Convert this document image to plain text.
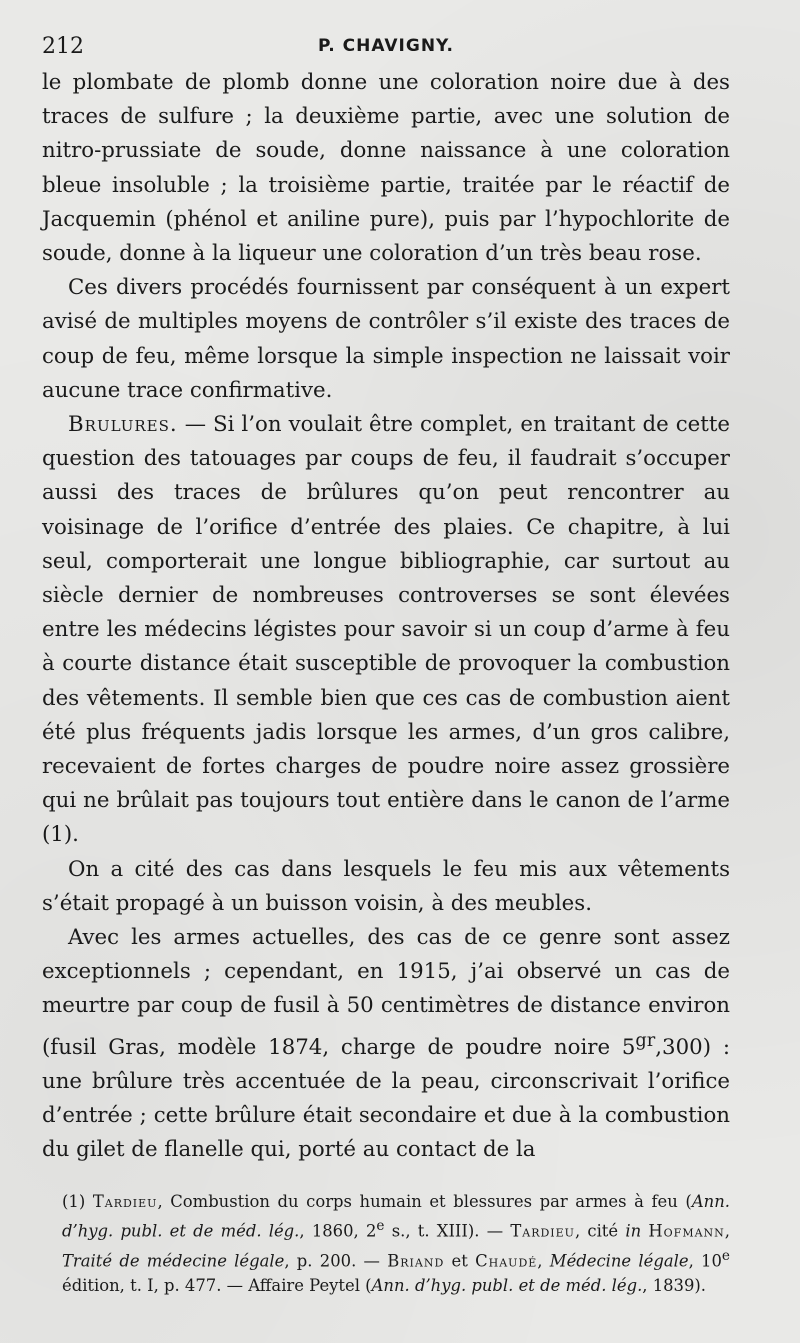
212	P. CHAVIGNY.

le plombate de plomb donne une coloration noire due à des traces de sulfure ; la deuxième partie, avec une solution de nitro-prussiate de soude, donne naissance à une coloration bleue insoluble ; la troisième partie, traitée par le réactif de Jacquemin (phénol et aniline pure), puis par l’hypochlorite de soude, donne à la liqueur une coloration d’un très beau rose.

Ces divers procédés fournissent par conséquent à un expert avisé de multiples moyens de contrôler s’il existe des traces de coup de feu, même lorsque la simple inspection ne laissait voir aucune trace confirmative.

Brulures. — Si l’on voulait être complet, en traitant de cette question des tatouages par coups de feu, il faudrait s’occuper aussi des traces de brûlures qu’on peut rencontrer au voisinage de l’orifice d’entrée des plaies. Ce chapitre, à lui seul, comporterait une longue bibliographie, car surtout au siècle dernier de nombreuses controverses se sont élevées entre les médecins légistes pour savoir si un coup d’arme à feu à courte distance était susceptible de provoquer la combustion des vêtements. Il semble bien que ces cas de combustion aient été plus fréquents jadis lorsque les armes, d’un gros calibre, recevaient de fortes charges de poudre noire assez grossière qui ne brûlait pas toujours tout entière dans le canon de l’arme (1).

On a cité des cas dans lesquels le feu mis aux vêtements s’était propagé à un buisson voisin, à des meubles.

Avec les armes actuelles, des cas de ce genre sont assez exceptionnels ; cependant, en 1915, j’ai observé un cas de meurtre par coup de fusil à 50 centimètres de distance environ (fusil Gras, modèle 1874, charge de poudre noire $5^{gr},300$) : une brûlure très accentuée de la peau, circonscrivait l’orifice d’entrée ; cette brûlure était secondaire et due à la combustion du gilet de flanelle qui, porté au contact de la

(1) Tardieu, Combustion du corps humain et blessures par armes à feu (Ann. d’hyg. publ. et de méd. lég., 1860, 2e s., t. XIII). — Tardieu, cité in Hofmann, Traité de médecine légale, p. 200. — Briand et Chaudé, Médecine légale, 10e édition, t. I, p. 477. — Affaire Peytel (Ann. d’hyg. publ. et de méd. lég., 1839).
